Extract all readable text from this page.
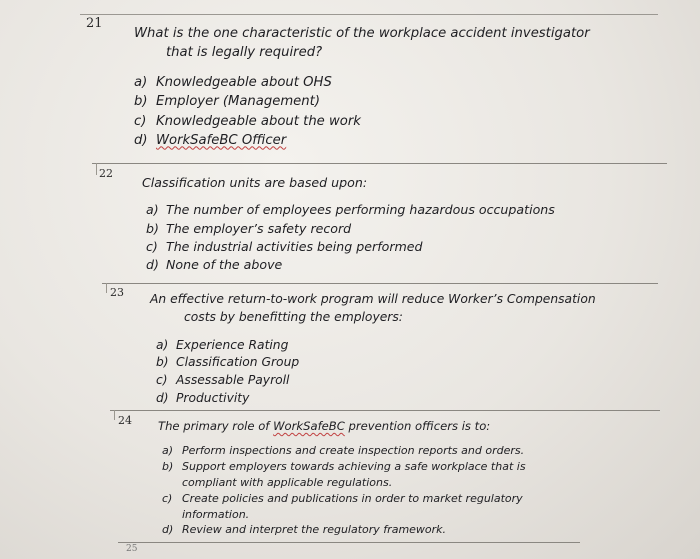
21
What is the one characteristic of the workplace accident investigator
that is legally required?
a) Knowledgeable about OHS
b) Employer (Management)
c) Knowledgeable about the work
d) WorkSafeBC Officer
22
Classification units are based upon:
a) The number of employees performing hazardous occupations
b) The employer’s safety record
c) The industrial activities being performed
d) None of the above
23 An effective return-to-work program will reduce Worker’s Compensation
costs by benefitting the employers:
a) Experience Rating
b) Classification Group
c) Assessable Payroll
d) Productivity
24 The primary role of WorkSafeBC prevention officers is to:
a) Perform inspections and create inspection reports and orders.
b) Support employers towards achieving a safe workplace that is
compliant with applicable regulations.
c) Create policies and publications in order to market regulatory
information.
d) Review and interpret the regulatory framework.
25
